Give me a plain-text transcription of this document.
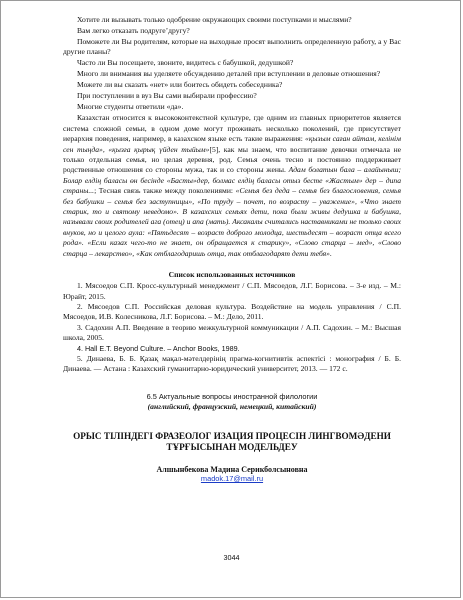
Хотите ли вызывать только одобрение окружающих своими поступками и мыслями?

Вам легко отказать подругеʼдругу?

Поможете ли Вы родителям, которые на выходные просят выполнить определенную работу, а у Вас другие планы?

Часто ли Вы посещаете, звоните, видитесь с бабушкой, дедушкой?

Много ли внимания вы уделяете обсуждению деталей при вступлении в деловые отношения?

Можете ли вы сказать «нет» или боитесь обидеть собеседника?

При поступлении в вуз Вы сами выбирали профессию?

Многие студенты ответили «да».

Казахстан относится к высококонтекстной культуре, где одним из главных приоритетов является система сложной семьи, в одном доме могут проживать несколько поколений, где присутствует иерархия поведения, например, в казахском языке есть такие выражения: «қызым саған айтам, келінім сен тыңда», «қызға қырық үйден тыйым»[5], как мы знаем, что воспитание девочки отмечала не только отдельная семья, но целая деревня, род. Семья очень тесно и постоянно поддерживает родственные отношения со стороны мужа, так и со стороны жены. Адам болатын бала – алайыныш; Болар елдің баласы өн бесінде «Басты»дер, болмас елдің баласы отыз бесте «Жастым» дер – дипа страны...; Тесная связь также между поколениями: «Семья без деда – семья без благословения, семья без бабушки – семья без заступницы», «По труду – почет, по возрасту – уважение», «Что знает старик, то и святому неведомо». В казахских семьях дети, пока были живы дедушка и бабушка, называли своих родителей ага (отец) и апа (мать). Аксакалы считались наставниками не только своих внуков, но и целого аула: «Пятьдесят – возраст доброго молодца, шестьдесят – возраст отца всего рода». «Если казах чего-то не знает, он обращается к старику», «Слово старца – мед», «Слово старца – лекарство», «Как отблагодаришь отца, так отблагодарят дети тебя».

Список использованных источников
1. Мясоедов С.П. Кросс-культурный менеджмент / С.П. Мясоедов, Л.Г. Борисова. – 3-е изд. – М.: Юрайт, 2015.
2. Мясоедов С.П. Российская деловая культура. Воздействие на модель управления / С.П. Мясоедов, И.В. Колесникова, Л.Г. Борисова. – М.: Дело, 2011.
3. Садохин А.П. Введение в теорию межкультурной коммуникации / А.П. Садохин. – М.: Высшая школа, 2005.
4. Hall E.T. Beyond Culture. – Anchor Books, 1989.
5. Динаева, Б. Б. Қазақ мақал-мәтелдерінің прагма-когнитивтік аспектісі : монография / Б. Б. Динаева. — Астана : Казахский гуманитарно-юридический университет, 2013. — 172 с.

6.5 Актуальные вопросы иностранной филологии

(английский, французский, немецкий, китайский)

ОРЫС ТІЛІНДЕГІ ФРАЗЕОЛОГ ИЗАЦИЯ ПРОЦЕСІН ЛИНГВОМӘДЕНИ ТҰРҒЫСЫНАН МОДЕЛЬДЕУ
Алшынбекова Мадина Серикболсыновна
madok.17@mail.ru
3044
